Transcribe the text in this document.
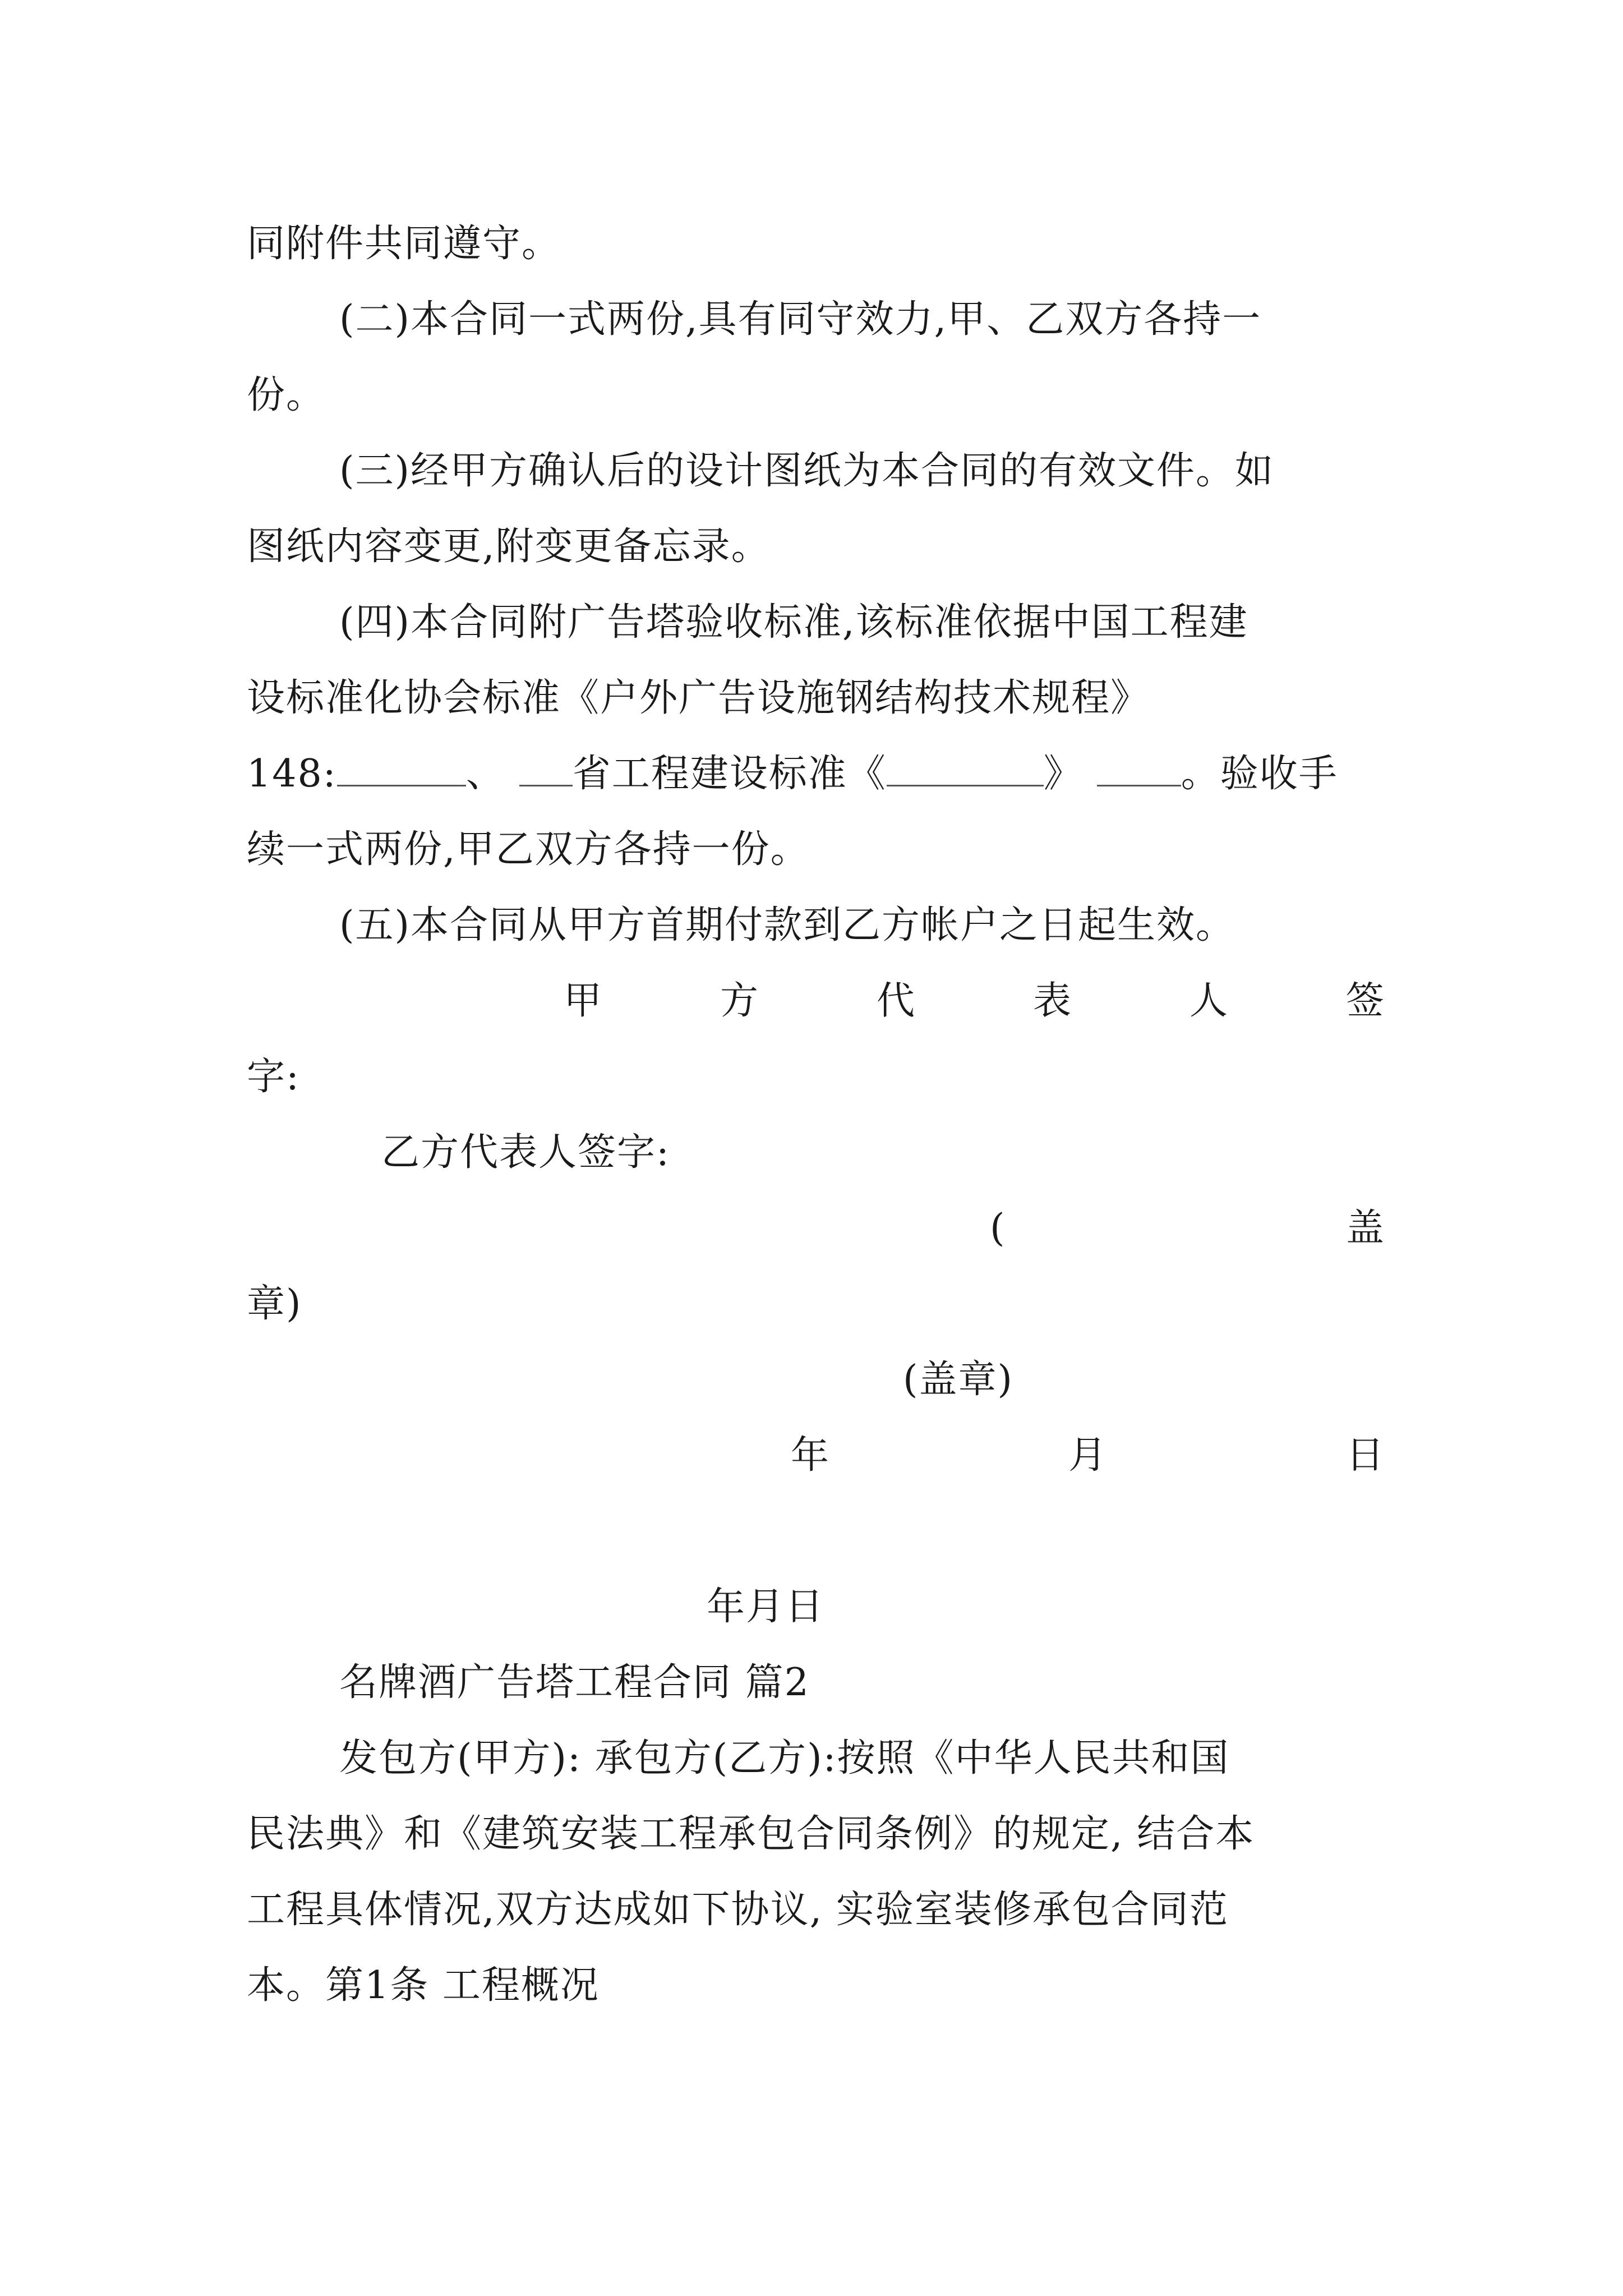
同附件共同遵守。
(二)本合同一式两份,具有同守效力,甲、乙双方各持一
份。
(三)经甲方确认后的设计图纸为本合同的有效文件。如
图纸内容变更,附变更备忘录。
(四)本合同附广告塔验收标准,该标准依据中国工程建
设标准化协会标准《户外广告设施钢结构技术规程》
148:	、 省工程建设标准《	》	。验收手
续一式两份,甲乙双方各持一份。
(五)本合同从甲方首期付款到乙方帐户之日起生效。
甲	方	代	表	人	签
字:
乙方代表人签字:
(	盖
章)
(盖章)
年	月	日
年月日
名牌酒广告塔工程合同 篇2
发包方(甲方): 承包方(乙方):按照《中华人民共和国
民法典》和《建筑安装工程承包合同条例》的规定, 结合本
工程具体情况,双方达成如下协议, 实验室装修承包合同范
本。第1条 工程概况
